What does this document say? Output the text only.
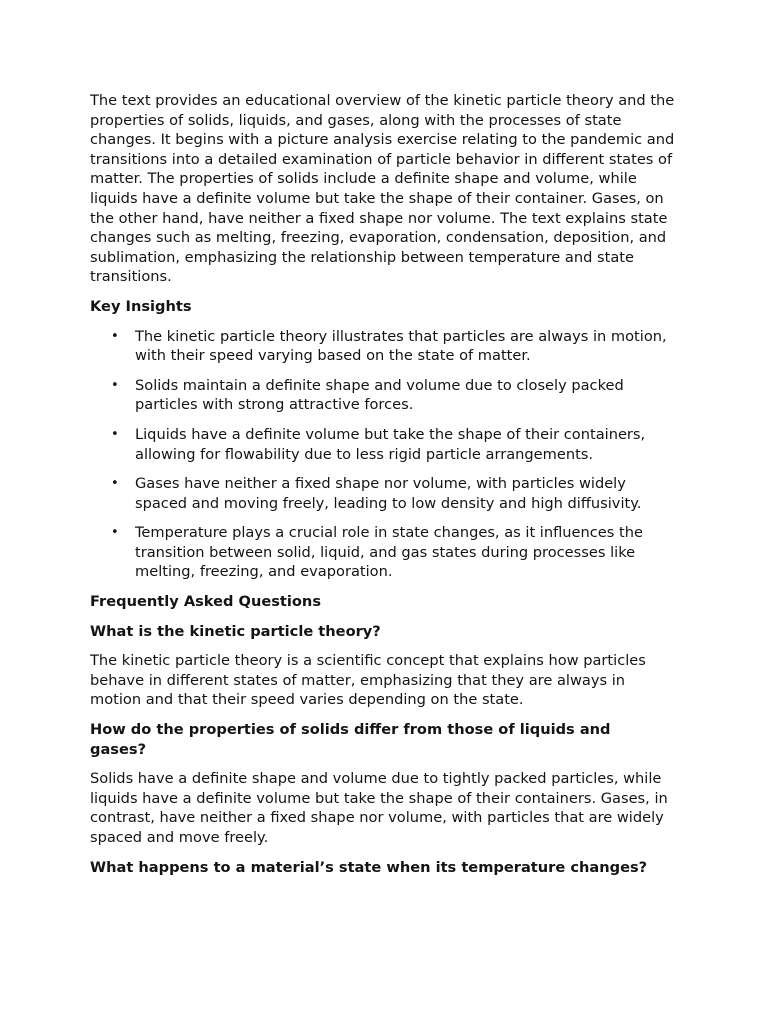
The text provides an educational overview of the kinetic particle theory and the properties of solids, liquids, and gases, along with the processes of state changes. It begins with a picture analysis exercise relating to the pandemic and transitions into a detailed examination of particle behavior in different states of matter. The properties of solids include a definite shape and volume, while liquids have a definite volume but take the shape of their container. Gases, on the other hand, have neither a fixed shape nor volume. The text explains state changes such as melting, freezing, evaporation, condensation, deposition, and sublimation, emphasizing the relationship between temperature and state transitions.

Key Insights

• The kinetic particle theory illustrates that particles are always in motion, with their speed varying based on the state of matter.
• Solids maintain a definite shape and volume due to closely packed particles with strong attractive forces.
• Liquids have a definite volume but take the shape of their containers, allowing for flowability due to less rigid particle arrangements.
• Gases have neither a fixed shape nor volume, with particles widely spaced and moving freely, leading to low density and high diffusivity.
• Temperature plays a crucial role in state changes, as it influences the transition between solid, liquid, and gas states during processes like melting, freezing, and evaporation.

Frequently Asked Questions

What is the kinetic particle theory?

The kinetic particle theory is a scientific concept that explains how particles behave in different states of matter, emphasizing that they are always in motion and that their speed varies depending on the state.

How do the properties of solids differ from those of liquids and gases?

Solids have a definite shape and volume due to tightly packed particles, while liquids have a definite volume but take the shape of their containers. Gases, in contrast, have neither a fixed shape nor volume, with particles that are widely spaced and move freely.

What happens to a material’s state when its temperature changes?
